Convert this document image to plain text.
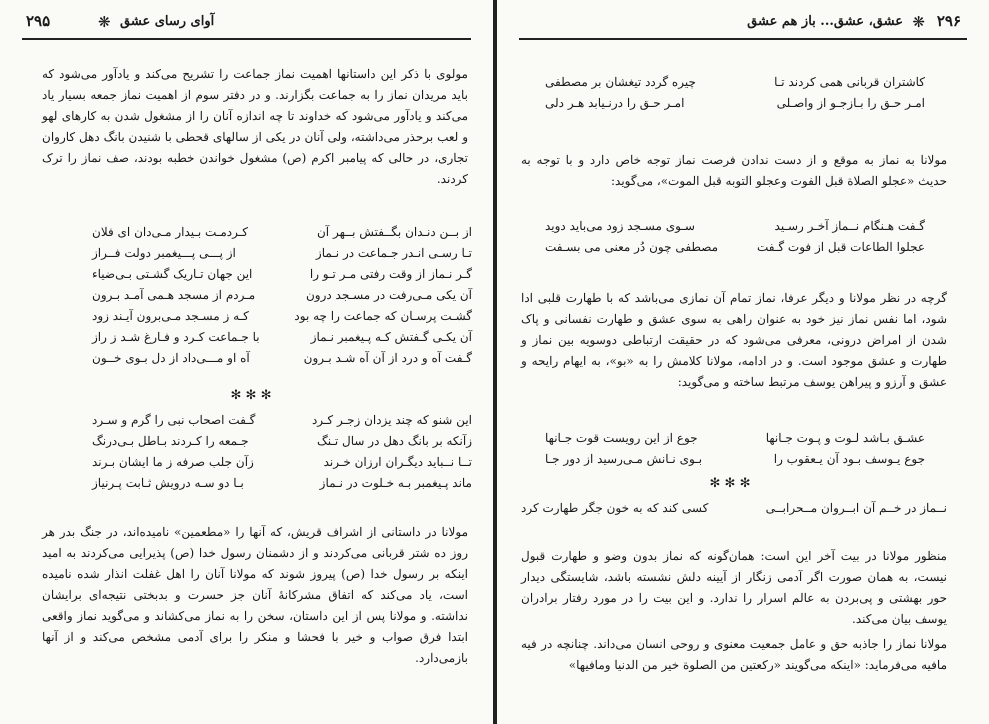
۲۹۵	❋ آوای رسای عشق

مولوی با ذکر این داستانها اهمیت نماز جماعت را تشریح می‌کند و یادآور می‌شود که باید مریدان نماز را به جماعت بگزارند. و در دفتر سوم از اهمیت نماز جمعه بسیار یاد می‌کند و یادآور می‌شود که خداوند تا چه اندازه آنان را از مشغول شدن به کارهای لهو و لعب برحذر می‌داشته، ولی آنان در یکی از سالهای قحطی با شنیدن بانگ دهل کاروان تجاری، در حالی که پیامبر اکرم (ص) مشغول خواندن خطبه بودند، صف نماز را ترک کردند.

از بــن دنـدان بگــفتش بــهر آن
کـردمـت بـیدار مـی‌دان ای فلان
تـا رسـی انـدر جـماعت در نـماز
از پـــی پـــیغمبر دولت فــراز
گـر نـماز از وقت رفتی مـر تـو را
این جهان تـاریک گشـتی بـی‌ضیاء
آن یکی مـی‌رفت در مسـجد درون
مـردم از مسجد هـمی آمـد بـرون
گشـت پرسـان که جماعت را چه بود
کـه ز مسـجد مـی‌برون آیـند زود
آن یکـی گـفتش کـه پـیغمبر نـماز
با جـماعت کـرد و فـارغ شـد ز راز
گـفت آه و درد از آن آه شـد بـرون
آه او مـــی‌داد از دل بـوی خــون
✻ ✻ ✻
این شنو که چند یزدان زجـر کـرد
گـفت اصحاب نبی را گرم و سـرد
زآنکه بر بانگ دهل در سال تـنگ
جـمعه را کـردند بـاطل بـی‌درنگ
تــا نــباید دیگـران ارزان خـرند
زآن جلب صرفه ز ما ایشان بـرند
ماند پـیغمبر بـه خـلوت در نـماز
بـا دو سـه درویش ثـابت پـرنیاز

مولانا در داستانی از اشراف قریش، که آنها را «مطعمین» نامیده‌اند، در جنگ بدر هر روز ده شتر قربانی می‌کردند و از دشمنان رسول خدا (ص) پذیرایی می‌کردند به امید اینکه بر رسول خدا (ص) پیروز شوند که مولانا آنان را اهل غفلت انذار شده نامیده است، یاد می‌کند که اتفاق مشرکانهٔ آنان جز حسرت و بدبختی نتیجه‌ای برایشان نداشته. و مولانا پس از این داستان، سخن را به نماز می‌کشاند و می‌گوید نماز واقعی ابتدا فرق صواب و خیر با فحشا و منکر را برای آدمی مشخص می‌کند و از آنها بازمی‌دارد.

۲۹۶
❋
عشق، عشق... باز هم عشق
کاشتران قربانی همی کردند تـا
چیره گردد تیغشان بر مصطفی
امـر حـق را بـازجـو از واصـلی
امـر حـق را درنـیابد هـر دلی

مولانا به نماز به موقع و از دست ندادن فرصت نماز توجه خاص دارد و با توجه به حدیث «عجلو الصلاة قبل الفوت وعجلو التوبه قبل الموت»، می‌گوید:

گـفت هـنگام نــماز آخـر رسـید
سـوی مسـجد زود می‌باید دوید
عجلوا الطاعات قبل از فوت گـفت
مصطفی چون دُر معنی می بسـفت

گرچه در نظر مولانا و دیگر عرفا، نماز تمام آن نمازی می‌باشد که با طهارت قلبی ادا شود، اما نفس نماز نیز خود به عنوان راهی به سوی عشق و طهارت نفسانی و پاک شدن از امراض درونی، معرفی می‌شود که در حقیقت ارتباطی دوسویه بین نماز و طهارت و عشق موجود است. و در ادامه، مولانا کلامش را به «بو»، به ایهام رایحه و عشق و آرزو و پیراهن یوسف مرتبط ساخته و می‌گوید:

عشـق بـاشد لـوت و پـوت جـانها
جوع از این رویست قوت جـانها
جوع یـوسف بـود آن یـعقوب را
بـوی نـانش مـی‌رسید از دور جـا
✻ ✻ ✻
نــماز در خــم آن ابــروان مــحرابــی
کسی کند که به خون جگر طهارت کرد

منظور مولانا در بیت آخر این است: همان‌گونه که نماز بدون وضو و طهارت قبول نیست، به همان صورت اگر آدمی زنگار از آیینه دلش نشسته باشد، شایستگی دیدار حور بهشتی و پی‌بردن به عالم اسرار را ندارد. و این بیت را در مورد رفتار برادران یوسف بیان می‌کند.

مولانا نماز را جاذبه حق و عامل جمعیت معنوی و روحی انسان می‌داند. چنانچه در فیه مافیه می‌فرماید: «اینکه می‌گویند «رکعتین من الصلوة خیر من الدنیا ومافیها»
